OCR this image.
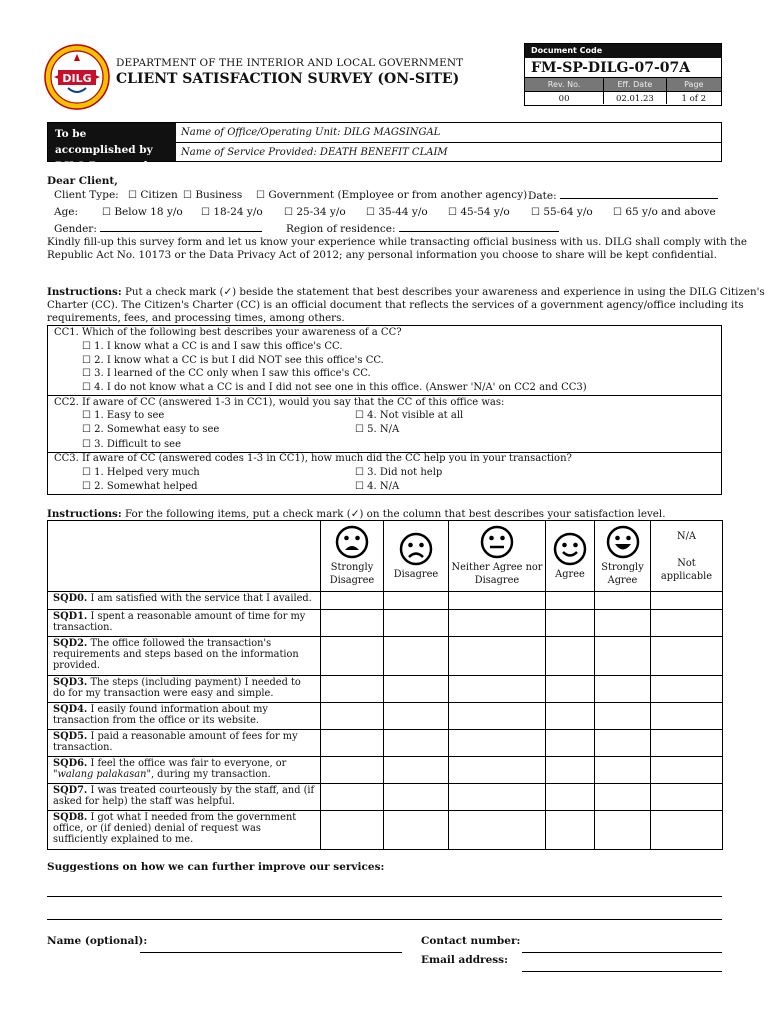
DILG
DEPARTMENT OF THE INTERIOR AND LOCAL GOVERNMENT
CLIENT SATISFACTION SURVEY (ON-SITE)
Document Code
FM-SP-DILG-07-07A
Rev. No.	Eff. Date	Page
00	02.01.23	1 of 2
To be accomplished by DILG Personnel
Name of Office/Operating Unit: DILG MAGSINGAL
Name of Service Provided: DEATH BENEFIT CLAIM
Dear Client,
Client Type: ☐ Citizen ☐ Business ☐ Government (Employee or from another agency) Date:
Age: ☐ Below 18 y/o ☐ 18-24 y/o ☐ 25-34 y/o ☐ 35-44 y/o ☐ 45-54 y/o ☐ 55-64 y/o ☐ 65 y/o and above
Gender:	Region of residence:
Kindly fill-up this survey form and let us know your experience while transacting official business with us. DILG shall comply with the
Republic Act No. 10173 or the Data Privacy Act of 2012; any personal information you choose to share will be kept confidential.
Instructions: Put a check mark (✓) beside the statement that best describes your awareness and experience in using the DILG Citizen's
Charter (CC). The Citizen's Charter (CC) is an official document that reflects the services of a government agency/office including its
requirements, fees, and processing times, among others.
CC1. Which of the following best describes your awareness of a CC?
☐ 1. I know what a CC is and I saw this office's CC.
☐ 2. I know what a CC is but I did NOT see this office's CC.
☐ 3. I learned of the CC only when I saw this office's CC.
☐ 4. I do not know what a CC is and I did not see one in this office. (Answer 'N/A' on CC2 and CC3)
CC2. If aware of CC (answered 1-3 in CC1), would you say that the CC of this office was:
☐ 1. Easy to see
☐ 2. Somewhat easy to see
☐ 3. Difficult to see
☐ 4. Not visible at all
☐ 5. N/A
CC3. If aware of CC (answered codes 1-3 in CC1), how much did the CC help you in your transaction?
☐ 1. Helped very much
☐ 2. Somewhat helped
☐ 3. Did not help
☐ 4. N/A
Instructions: For the following items, put a check mark (✓) on the column that best describes your satisfaction level.

Strongly Disagree	Disagree	Neither Agree nor Disagree	Agree	Strongly Agree	N/A
Not applicable

SQD0. I am satisfied with the service that I availed.						
SQD1. I spent a reasonable amount of time for my transaction.						
SQD2. The office followed the transaction's requirements and steps based on the information provided.						
SQD3. The steps (including payment) I needed to do for my transaction were easy and simple.						
SQD4. I easily found information about my transaction from the office or its website.						
SQD5. I paid a reasonable amount of fees for my transaction.						
SQD6. I feel the office was fair to everyone, or "walang palakasan", during my transaction.						
SQD7. I was treated courteously by the staff, and (if asked for help) the staff was helpful.						
SQD8. I got what I needed from the government office, or (if denied) denial of request was sufficiently explained to me.						
Suggestions on how we can further improve our services:
Name (optional):	Contact number:
Email address:
